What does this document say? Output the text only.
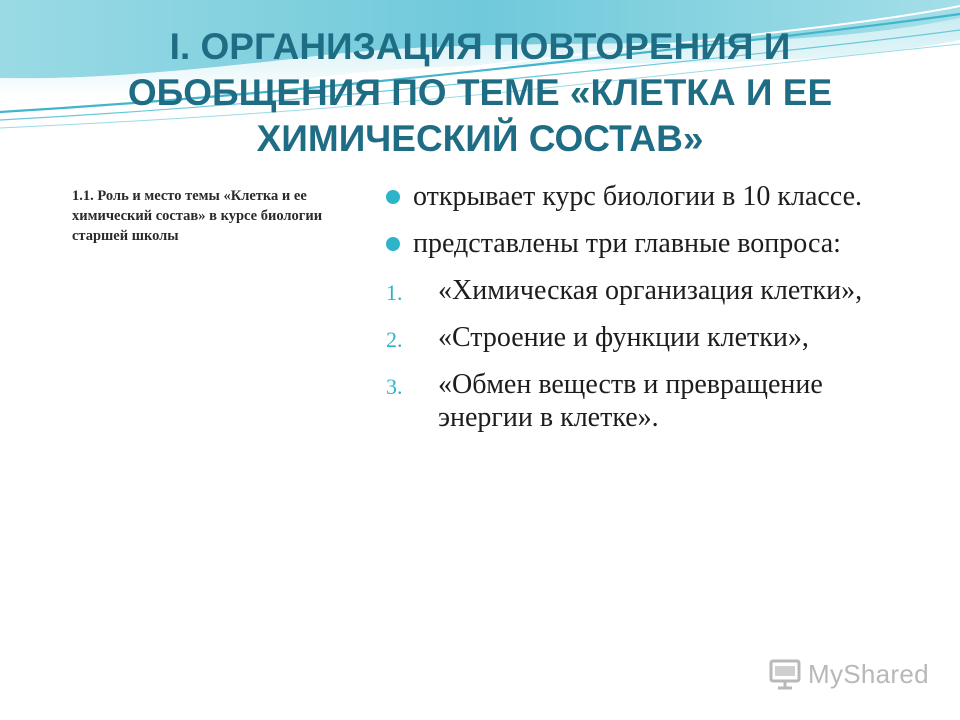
I. ОРГАНИЗАЦИЯ ПОВТОРЕНИЯ И ОБОБЩЕНИЯ ПО ТЕМЕ «КЛЕТКА И ЕЕ ХИМИЧЕСКИЙ СОСТАВ»

1.1. Роль и место темы «Клетка и ее химический состав» в курсе биологии старшей школы

открывает курс биологии в 10 классе.
представлены три главные вопроса:
1. «Химическая организация клетки»,
2. «Строение и функции клетки»,
3. «Обмен веществ и превращение энергии в клетке».
MyShared
